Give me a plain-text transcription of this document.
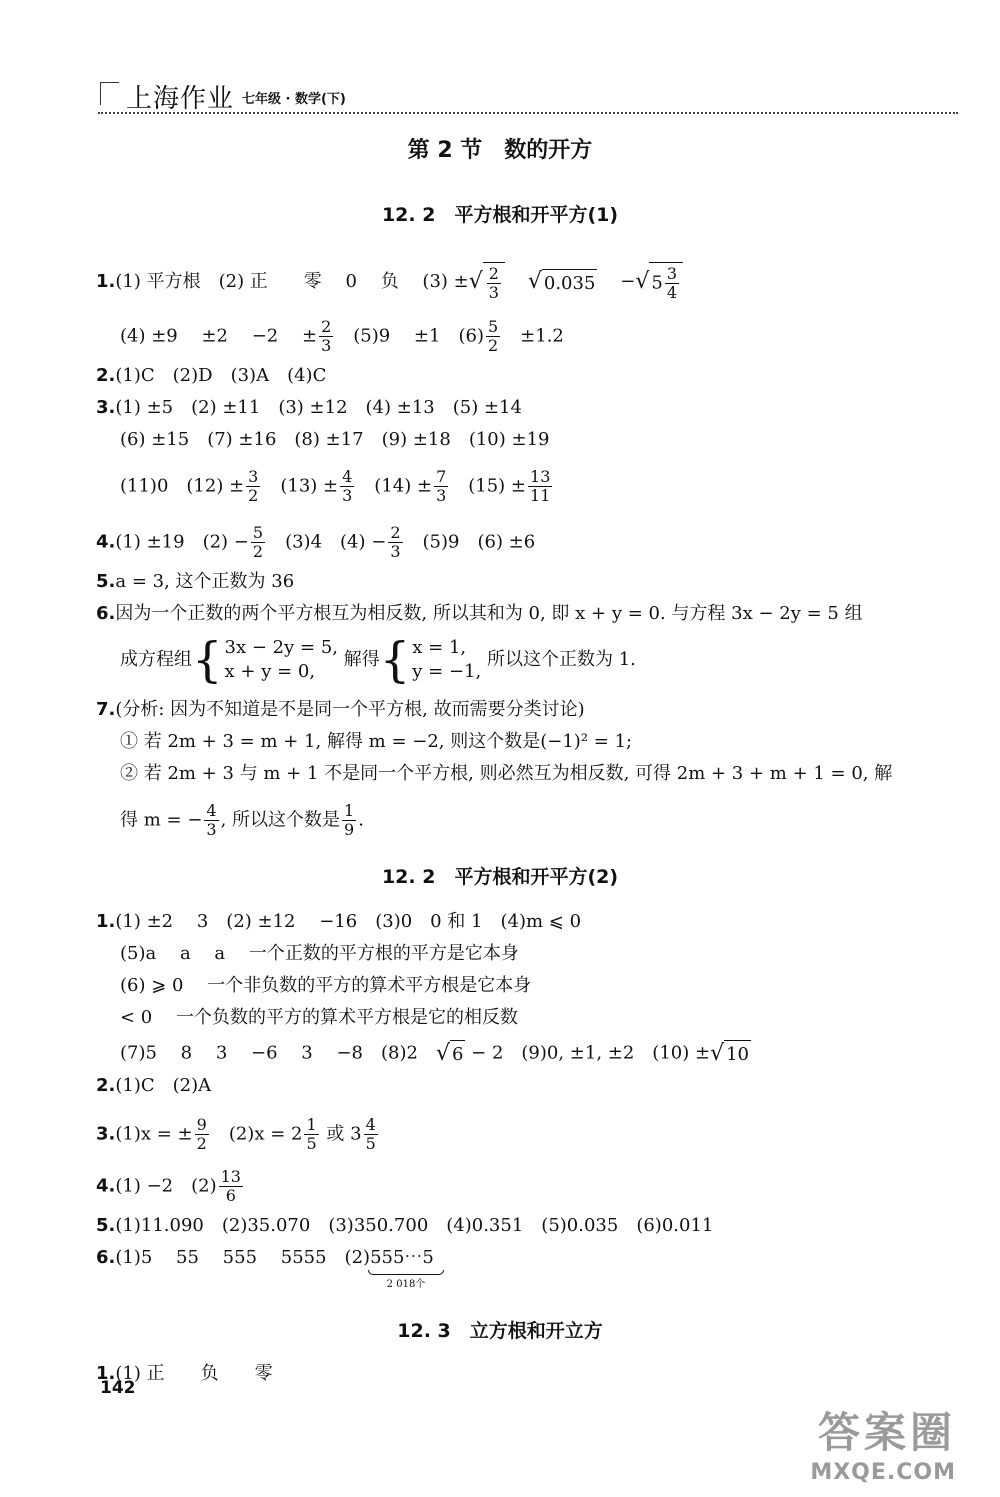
上海作业 七年级 · 数学(下)
第 2 节　数的开方
12. 2　平方根和开平方(1)
1.(1) 平方根　(2) 正　　零　 0 　负　 (3) ±√ $\frac{2}{3}$ √ 0.035 −√ $5 \frac{3}{4}$
(4) ±9　 ±2　 −2　 ± $\frac{2}{3}$ 　(5)9　 ±1　$(6) \frac{5}{2}$ 　±1.2
2.(1)C　(2)D　(3)A　(4)C
3.(1) ±5　(2) ±11　(3) ±12　(4) ±13　(5) ±14
(6) ±15　(7) ±16　(8) ±17　(9) ±18　(10) ±19
(11)0　$(12) \pm \frac{3}{2}$ 　$(13) \pm \frac{4}{3}$ 　$(14) \pm \frac{7}{3}$ 　$(15) \pm \frac{13}{11}$
4.(1) ±19　$(2) - \frac{5}{2}$ 　(3)4　$(4) - \frac{2}{3}$ 　(5)9　(6) ±6
5.a = 3, 这个正数为 36
6.因为一个正数的两个平方根互为相反数, 所以其和为 0, 即 x + y = 0. 与方程 3x − 2y = 5 组
成方程组{ 3x − 2y = 5,
x + y = 0, 解得{ x = 1,
y = −1, 所以这个正数为 1.
7.(分析: 因为不知道是不是同一个平方根, 故而需要分类讨论)
① 若 2m + 3 = m + 1, 解得 m = −2, 则这个数是(−1)² = 1;
② 若 2m + 3 与 m + 1 不是同一个平方根, 则必然互为相反数, 可得 2m + 3 + m + 1 = 0, 解
得 m = − $\frac{4}{3}$ , 所以这个数是 $\frac{1}{9}$ .
12. 2　平方根和开平方(2)
1.(1) ±2　 3　(2) ±12　 −16　(3)0　0 和 1　(4)m ⩽ 0
(5)a　 a　 a　 一个正数的平方根的平方是它本身
(6) ⩾ 0　 一个非负数的平方的算术平方根是它本身
< 0　 一个负数的平方的算术平方根是它的相反数
(7)5　 8　 3　 −6　 3　 −8　(8)2　√ 6 − 2　(9)0, ±1, ±2　(10) ±√ 10
2.(1)C　(2)A
3.(1)x = ± $\frac{9}{2}$ 　$(2)x = 2 \frac{1}{5}$ 或 $3 \frac{4}{5}$
4.(1) −2　$(2) \frac{13}{6}$
5.(1)11.090　(2)35.070　(3)350.700　(4)0.351　(5)0.035　(6)0.011
6.(1)5　 55　 555　 5555　(2)555⋯5
2 018个
12. 3　立方根和开立方
1.(1) 正　　负　　零
142
答案圈
MXQE.COM
